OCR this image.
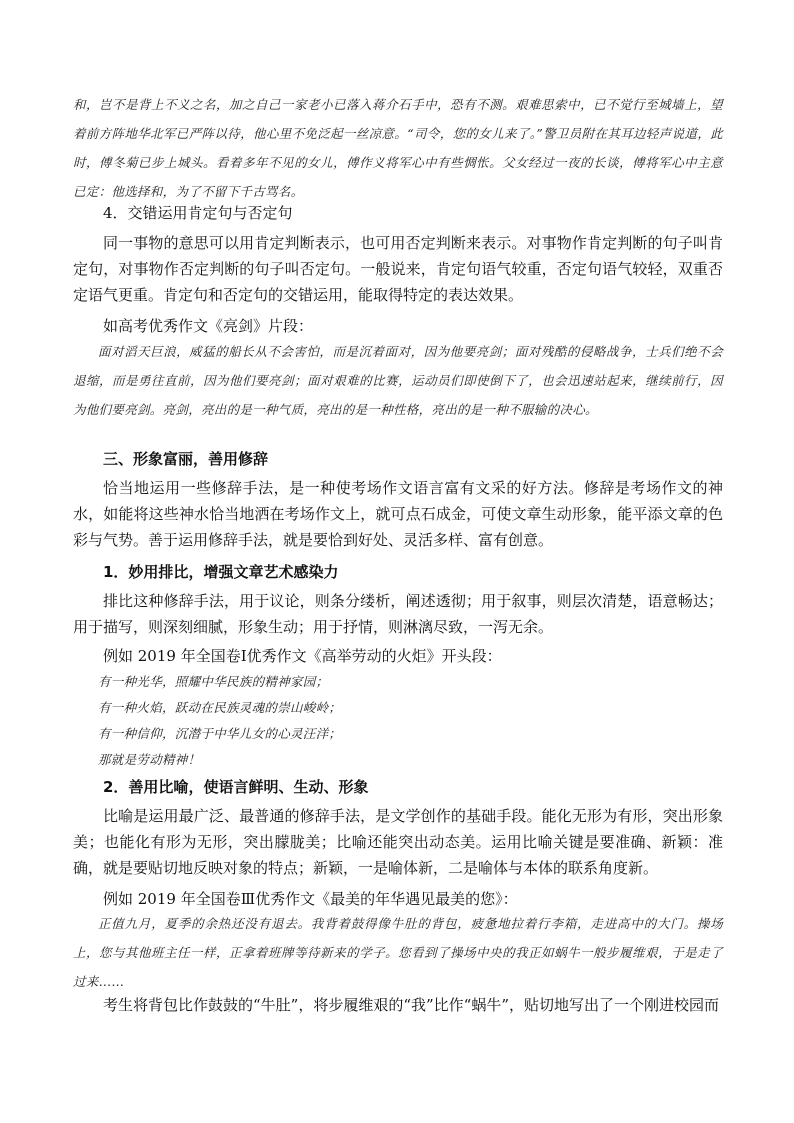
和，岂不是背上不义之名，加之自己一家老小已落入蒋介石手中，恐有不测。艰难思索中，已不觉行至城墙上，望着前方阵地华北军已严阵以待，他心里不免泛起一丝凉意。“司令，您的女儿来了。”警卫员附在其耳边轻声说道，此时，傅冬菊已步上城头。看着多年不见的女儿，傅作义将军心中有些惆怅。父女经过一夜的长谈，傅将军心中主意已定：他选择和，为了不留下千古骂名。

4．交错运用肯定句与否定句

同一事物的意思可以用肯定判断表示，也可用否定判断来表示。对事物作肯定判断的句子叫肯定句，对事物作否定判断的句子叫否定句。一般说来，肯定句语气较重，否定句语气较轻，双重否定语气更重。肯定句和否定句的交错运用，能取得特定的表达效果。

如高考优秀作文《亮剑》片段：

面对滔天巨浪，威猛的船长从不会害怕，而是沉着面对，因为他要亮剑；面对残酷的侵略战争，士兵们绝不会退缩，而是勇往直前，因为他们要亮剑；面对艰难的比赛，运动员们即使倒下了，也会迅速站起来，继续前行，因为他们要亮剑。亮剑，亮出的是一种气质，亮出的是一种性格，亮出的是一种不服输的决心。

三、形象富丽，善用修辞

恰当地运用一些修辞手法，是一种使考场作文语言富有文采的好方法。修辞是考场作文的神水，如能将这些神水恰当地洒在考场作文上，就可点石成金，可使文章生动形象，能平添文章的色彩与气势。善于运用修辞手法，就是要恰到好处、灵活多样、富有创意。

1．妙用排比，增强文章艺术感染力

排比这种修辞手法，用于议论，则条分缕析，阐述透彻；用于叙事，则层次清楚，语意畅达；用于描写，则深刻细腻，形象生动；用于抒情，则淋漓尽致，一泻无余。

例如 2019 年全国卷Ⅰ优秀作文《高举劳动的火炬》开头段：

有一种光华，照耀中华民族的精神家园；

有一种火焰，跃动在民族灵魂的崇山峻岭；

有一种信仰，沉潜于中华儿女的心灵汪洋；

那就是劳动精神！

2．善用比喻，使语言鲜明、生动、形象

比喻是运用最广泛、最普通的修辞手法，是文学创作的基础手段。能化无形为有形，突出形象美；也能化有形为无形，突出朦胧美；比喻还能突出动态美。运用比喻关键是要准确、新颖：准确，就是要贴切地反映对象的特点；新颖，一是喻体新，二是喻体与本体的联系角度新。

例如 2019 年全国卷Ⅲ优秀作文《最美的年华遇见最美的您》：

正值九月，夏季的余热还没有退去。我背着鼓得像牛肚的背包，疲惫地拉着行李箱，走进高中的大门。操场上，您与其他班主任一样，正拿着班牌等待新来的学子。您看到了操场中央的我正如蜗牛一般步履维艰，于是走了过来……

考生将背包比作鼓鼓的“牛肚”，将步履维艰的“我”比作“蜗牛”，贴切地写出了一个刚进校园而
